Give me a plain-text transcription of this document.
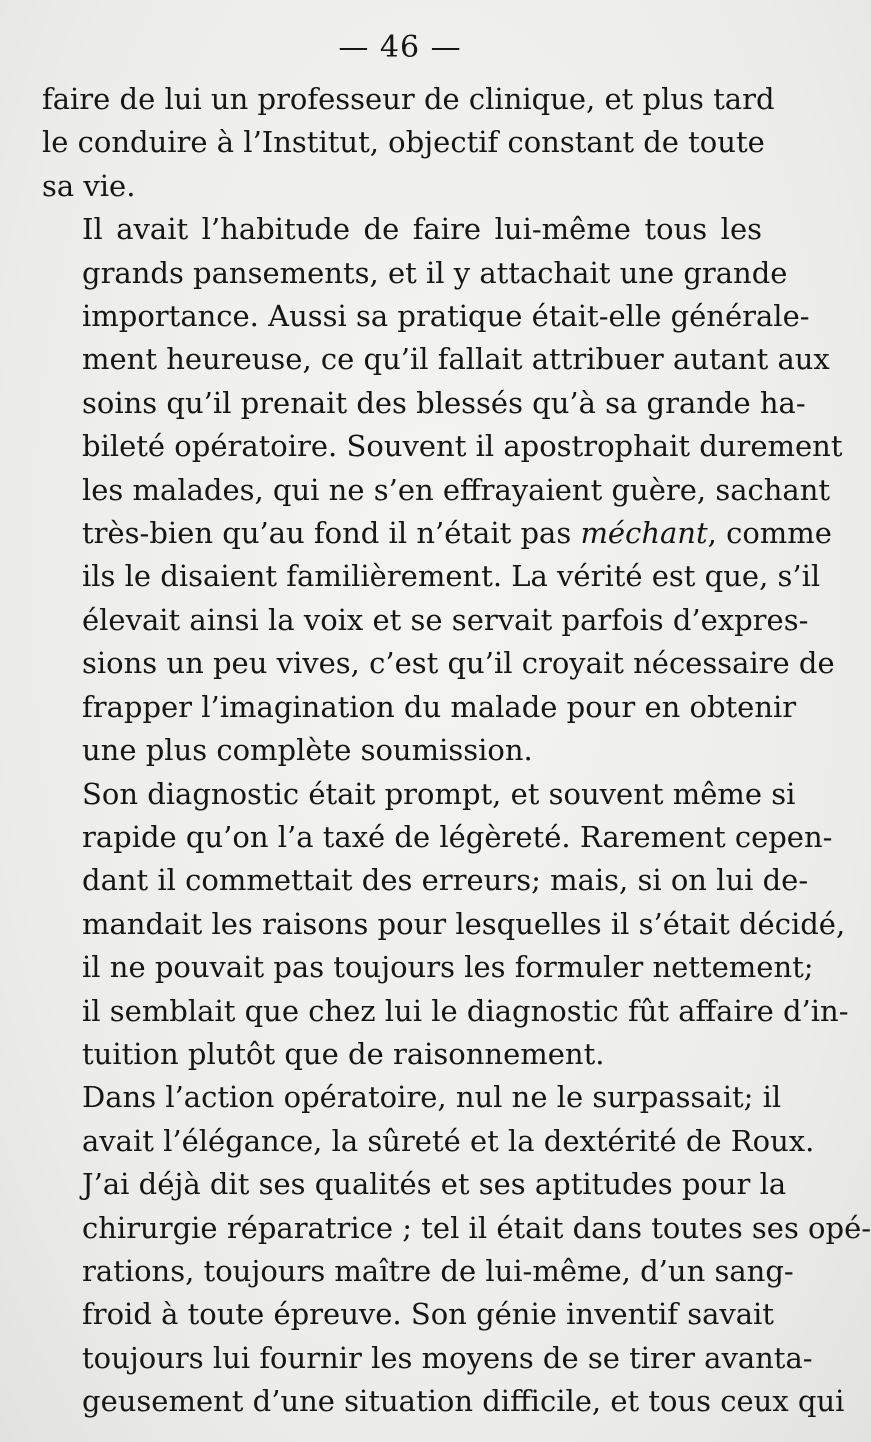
— 46 —
faire de lui un professeur de clinique, et plus tard
le conduire à l’Institut, objectif constant de toute
sa vie.
Il avait l’habitude de faire lui-même tous les
grands pansements, et il y attachait une grande
importance. Aussi sa pratique était-elle générale-
ment heureuse, ce qu’il fallait attribuer autant aux
soins qu’il prenait des blessés qu’à sa grande ha-
bileté opératoire. Souvent il apostrophait durement
les malades, qui ne s’en effrayaient guère, sachant
très-bien qu’au fond il n’était pas méchant, comme
ils le disaient familièrement. La vérité est que, s’il
élevait ainsi la voix et se servait parfois d’expres-
sions un peu vives, c’est qu’il croyait nécessaire de
frapper l’imagination du malade pour en obtenir
une plus complète soumission.
Son diagnostic était prompt, et souvent même si
rapide qu’on l’a taxé de légèreté. Rarement cepen-
dant il commettait des erreurs; mais, si on lui de-
mandait les raisons pour lesquelles il s’était décidé,
il ne pouvait pas toujours les formuler nettement;
il semblait que chez lui le diagnostic fût affaire d’in-
tuition plutôt que de raisonnement.
Dans l’action opératoire, nul ne le surpassait; il
avait l’élégance, la sûreté et la dextérité de Roux.
J’ai déjà dit ses qualités et ses aptitudes pour la
chirurgie réparatrice ; tel il était dans toutes ses opé-
rations, toujours maître de lui-même, d’un sang-
froid à toute épreuve. Son génie inventif savait
toujours lui fournir les moyens de se tirer avanta-
geusement d’une situation difficile, et tous ceux qui
